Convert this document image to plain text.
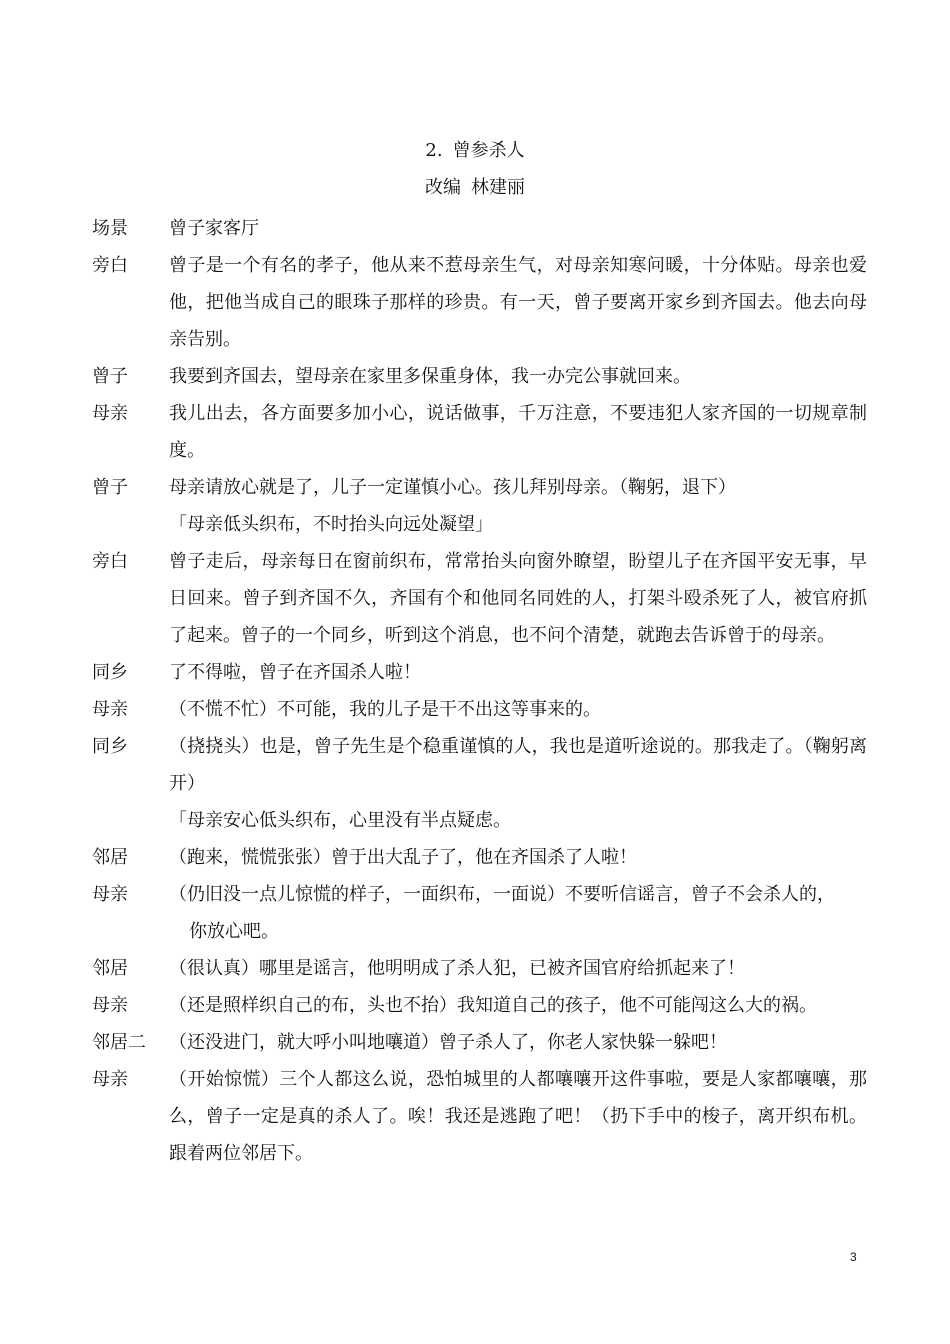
2. 曾参杀人
改编 林建丽
场景	曾子家客厅
旁白	曾子是一个有名的孝子，他从来不惹母亲生气，对母亲知寒问暖，十分体贴。母亲也爱他，把他当成自己的眼珠子那样的珍贵。有一天，曾子要离开家乡到齐国去。他去向母亲告别。
曾子	我要到齐国去，望母亲在家里多保重身体，我一办完公事就回来。
母亲	我儿出去，各方面要多加小心，说话做事，千万注意，不要违犯人家齐国的一切规章制度。
曾子	母亲请放心就是了，儿子一定谨慎小心。孩儿拜别母亲。（鞠躬，退下）
「母亲低头织布，不时抬头向远处凝望」
旁白	曾子走后，母亲每日在窗前织布，常常抬头向窗外瞭望，盼望儿子在齐国平安无事，早日回来。曾子到齐国不久，齐国有个和他同名同姓的人，打架斗殴杀死了人，被官府抓了起来。曾子的一个同乡，听到这个消息，也不问个清楚，就跑去告诉曾于的母亲。
同乡	了不得啦，曾子在齐国杀人啦！
母亲	（不慌不忙）不可能，我的儿子是干不出这等事来的。
同乡	（挠挠头）也是，曾子先生是个稳重谨慎的人，我也是道听途说的。那我走了。（鞠躬离开）
「母亲安心低头织布，心里没有半点疑虑。
邻居	（跑来，慌慌张张）曾于出大乱子了，他在齐国杀了人啦！
母亲	（仍旧没一点儿惊慌的样子，一面织布，一面说）不要听信谣言，曾子不会杀人的，
你放心吧。
邻居	（很认真）哪里是谣言，他明明成了杀人犯，已被齐国官府给抓起来了！
母亲	（还是照样织自己的布，头也不抬）我知道自己的孩子，他不可能闯这么大的祸。
邻居二	（还没进门，就大呼小叫地嚷道）曾子杀人了，你老人家快躲一躲吧！
母亲	（开始惊慌）三个人都这么说，恐怕城里的人都嚷嚷开这件事啦，要是人家都嚷嚷，那么，曾子一定是真的杀人了。唉！我还是逃跑了吧！（扔下手中的梭子，离开织布机。跟着两位邻居下。
3
